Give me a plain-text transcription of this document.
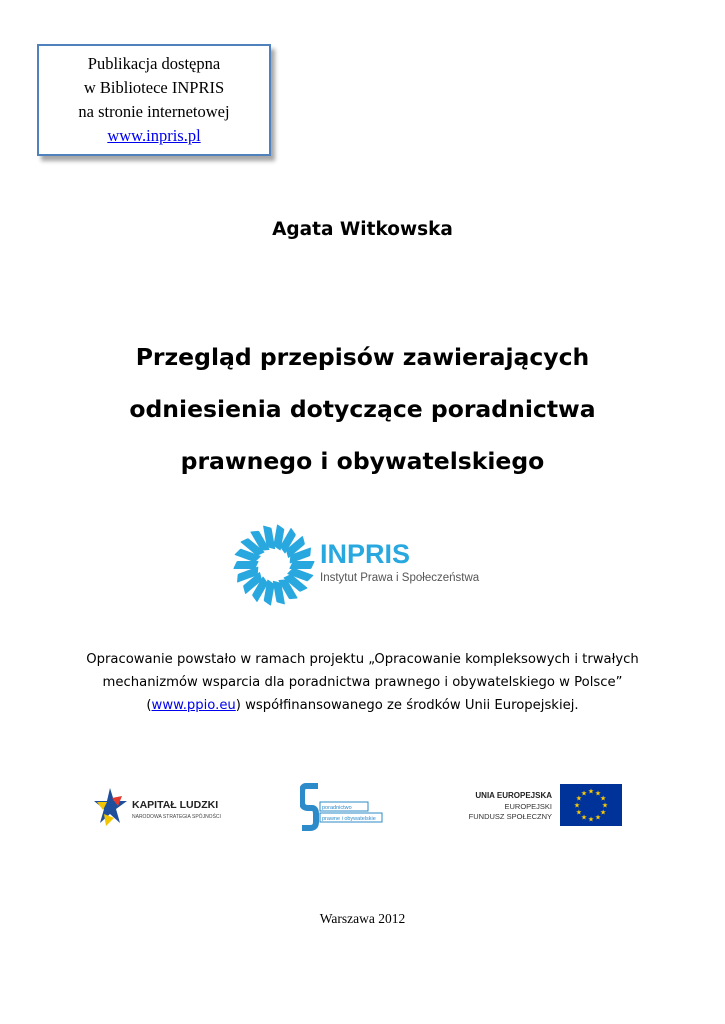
Publikacja dostępna
w Bibliotece INPRIS
na stronie internetowej
www.inpris.pl
Agata Witkowska
Przegląd przepisów zawierających
odniesienia dotyczące poradnictwa
prawnego i obywatelskiego
INPRIS
Instytut Prawa i Społeczeństwa
Opracowanie powstało w ramach projektu „Opracowanie kompleksowych i trwałych mechanizmów wsparcia dla poradnictwa prawnego i obywatelskiego w Polsce” (www.ppio.eu) współfinansowanego ze środków Unii Europejskiej.
KAPITAŁ LUDZKI
NARODOWA STRATEGIA SPÓJNOŚCI
poradnictwo
prawne i obywatelskie
UNIA EUROPEJSKA
EUROPEJSKI
FUNDUSZ SPOŁECZNY
★ ★
★
★
★
★
★
★
★
★
★
★
Warszawa 2012
